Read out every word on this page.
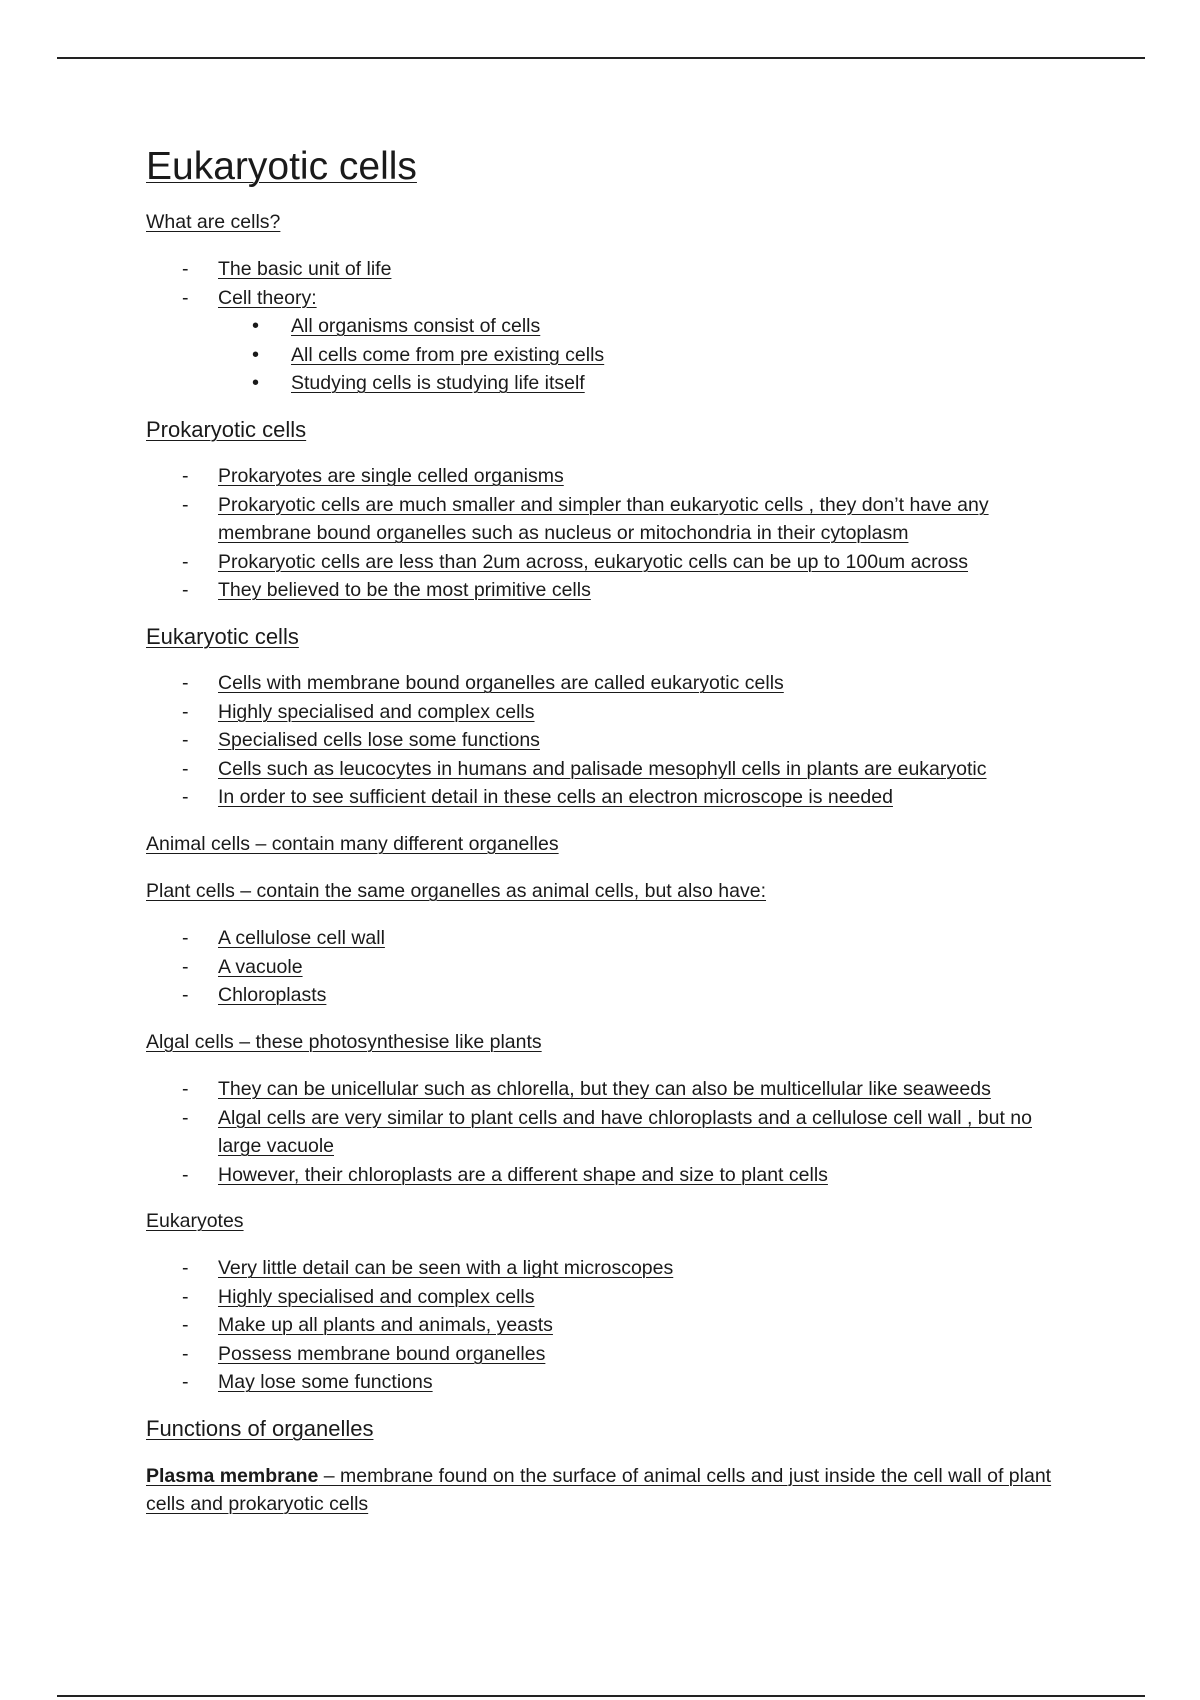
Eukaryotic cells
What are cells?
- The basic unit of life
- Cell theory:
• All organisms consist of cells
• All cells come from pre existing cells
• Studying cells is studying life itself
Prokaryotic cells
- Prokaryotes are single celled organisms
- Prokaryotic cells are much smaller and simpler than eukaryotic cells , they don’t have any membrane bound organelles such as nucleus or mitochondria in their cytoplasm
- Prokaryotic cells are less than 2um across, eukaryotic cells can be up to 100um across
- They believed to be the most primitive cells
Eukaryotic cells
- Cells with membrane bound organelles are called eukaryotic cells
- Highly specialised and complex cells
- Specialised cells lose some functions
- Cells such as leucocytes in humans and palisade mesophyll cells in plants are eukaryotic
- In order to see sufficient detail in these cells an electron microscope is needed
Animal cells – contain many different organelles
Plant cells – contain the same organelles as animal cells, but also have:
- A cellulose cell wall
- A vacuole
- Chloroplasts
Algal cells – these photosynthesise like plants
- They can be unicellular such as chlorella, but they can also be multicellular like seaweeds
- Algal cells are very similar to plant cells and have chloroplasts and a cellulose cell wall , but no large vacuole
- However, their chloroplasts are a different shape and size to plant cells
Eukaryotes
- Very little detail can be seen with a light microscopes
- Highly specialised and complex cells
- Make up all plants and animals, yeasts
- Possess membrane bound organelles
- May lose some functions
Functions of organelles
Plasma membrane – membrane found on the surface of animal cells and just inside the cell wall of plant cells and prokaryotic cells
